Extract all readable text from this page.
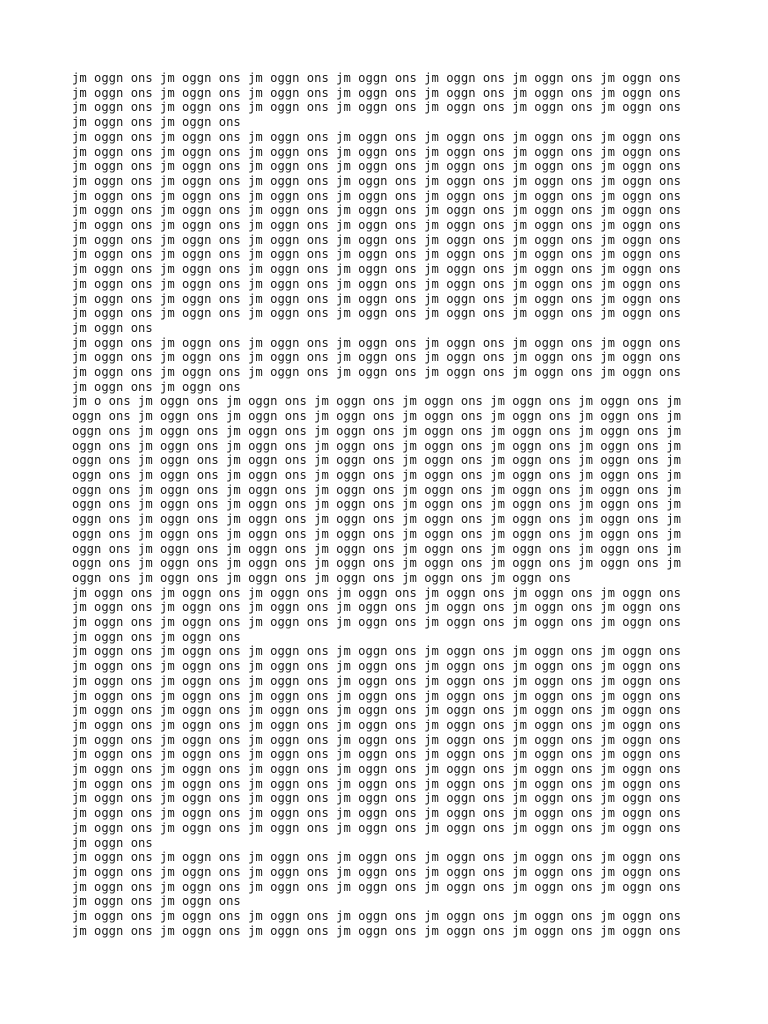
jm oggn ons jm oggn ons jm oggn ons jm oggn ons jm oggn ons jm oggn ons jm oggn ons
jm oggn ons jm oggn ons jm oggn ons jm oggn ons jm oggn ons jm oggn ons jm oggn ons
jm oggn ons jm oggn ons jm oggn ons jm oggn ons jm oggn ons jm oggn ons jm oggn ons
jm oggn ons jm oggn ons
jm oggn ons jm oggn ons jm oggn ons jm oggn ons jm oggn ons jm oggn ons jm oggn ons
jm oggn ons jm oggn ons jm oggn ons jm oggn ons jm oggn ons jm oggn ons jm oggn ons
jm oggn ons jm oggn ons jm oggn ons jm oggn ons jm oggn ons jm oggn ons jm oggn ons
jm oggn ons jm oggn ons jm oggn ons jm oggn ons jm oggn ons jm oggn ons jm oggn ons
jm oggn ons jm oggn ons jm oggn ons jm oggn ons jm oggn ons jm oggn ons jm oggn ons
jm oggn ons jm oggn ons jm oggn ons jm oggn ons jm oggn ons jm oggn ons jm oggn ons
jm oggn ons jm oggn ons jm oggn ons jm oggn ons jm oggn ons jm oggn ons jm oggn ons
jm oggn ons jm oggn ons jm oggn ons jm oggn ons jm oggn ons jm oggn ons jm oggn ons
jm oggn ons jm oggn ons jm oggn ons jm oggn ons jm oggn ons jm oggn ons jm oggn ons
jm oggn ons jm oggn ons jm oggn ons jm oggn ons jm oggn ons jm oggn ons jm oggn ons
jm oggn ons jm oggn ons jm oggn ons jm oggn ons jm oggn ons jm oggn ons jm oggn ons
jm oggn ons jm oggn ons jm oggn ons jm oggn ons jm oggn ons jm oggn ons jm oggn ons
jm oggn ons jm oggn ons jm oggn ons jm oggn ons jm oggn ons jm oggn ons jm oggn ons
jm oggn ons
jm oggn ons jm oggn ons jm oggn ons jm oggn ons jm oggn ons jm oggn ons jm oggn ons
jm oggn ons jm oggn ons jm oggn ons jm oggn ons jm oggn ons jm oggn ons jm oggn ons
jm oggn ons jm oggn ons jm oggn ons jm oggn ons jm oggn ons jm oggn ons jm oggn ons
jm oggn ons jm oggn ons
jm o ons jm oggn ons jm oggn ons jm oggn ons jm oggn ons jm oggn ons jm oggn ons jm
oggn ons jm oggn ons jm oggn ons jm oggn ons jm oggn ons jm oggn ons jm oggn ons jm
oggn ons jm oggn ons jm oggn ons jm oggn ons jm oggn ons jm oggn ons jm oggn ons jm
oggn ons jm oggn ons jm oggn ons jm oggn ons jm oggn ons jm oggn ons jm oggn ons jm
oggn ons jm oggn ons jm oggn ons jm oggn ons jm oggn ons jm oggn ons jm oggn ons jm
oggn ons jm oggn ons jm oggn ons jm oggn ons jm oggn ons jm oggn ons jm oggn ons jm
oggn ons jm oggn ons jm oggn ons jm oggn ons jm oggn ons jm oggn ons jm oggn ons jm
oggn ons jm oggn ons jm oggn ons jm oggn ons jm oggn ons jm oggn ons jm oggn ons jm
oggn ons jm oggn ons jm oggn ons jm oggn ons jm oggn ons jm oggn ons jm oggn ons jm
oggn ons jm oggn ons jm oggn ons jm oggn ons jm oggn ons jm oggn ons jm oggn ons jm
oggn ons jm oggn ons jm oggn ons jm oggn ons jm oggn ons jm oggn ons jm oggn ons jm
oggn ons jm oggn ons jm oggn ons jm oggn ons jm oggn ons jm oggn ons jm oggn ons jm
oggn ons jm oggn ons jm oggn ons jm oggn ons jm oggn ons jm oggn ons
jm oggn ons jm oggn ons jm oggn ons jm oggn ons jm oggn ons jm oggn ons jm oggn ons
jm oggn ons jm oggn ons jm oggn ons jm oggn ons jm oggn ons jm oggn ons jm oggn ons
jm oggn ons jm oggn ons jm oggn ons jm oggn ons jm oggn ons jm oggn ons jm oggn ons
jm oggn ons jm oggn ons
jm oggn ons jm oggn ons jm oggn ons jm oggn ons jm oggn ons jm oggn ons jm oggn ons
jm oggn ons jm oggn ons jm oggn ons jm oggn ons jm oggn ons jm oggn ons jm oggn ons
jm oggn ons jm oggn ons jm oggn ons jm oggn ons jm oggn ons jm oggn ons jm oggn ons
jm oggn ons jm oggn ons jm oggn ons jm oggn ons jm oggn ons jm oggn ons jm oggn ons
jm oggn ons jm oggn ons jm oggn ons jm oggn ons jm oggn ons jm oggn ons jm oggn ons
jm oggn ons jm oggn ons jm oggn ons jm oggn ons jm oggn ons jm oggn ons jm oggn ons
jm oggn ons jm oggn ons jm oggn ons jm oggn ons jm oggn ons jm oggn ons jm oggn ons
jm oggn ons jm oggn ons jm oggn ons jm oggn ons jm oggn ons jm oggn ons jm oggn ons
jm oggn ons jm oggn ons jm oggn ons jm oggn ons jm oggn ons jm oggn ons jm oggn ons
jm oggn ons jm oggn ons jm oggn ons jm oggn ons jm oggn ons jm oggn ons jm oggn ons
jm oggn ons jm oggn ons jm oggn ons jm oggn ons jm oggn ons jm oggn ons jm oggn ons
jm oggn ons jm oggn ons jm oggn ons jm oggn ons jm oggn ons jm oggn ons jm oggn ons
jm oggn ons jm oggn ons jm oggn ons jm oggn ons jm oggn ons jm oggn ons jm oggn ons
jm oggn ons
jm oggn ons jm oggn ons jm oggn ons jm oggn ons jm oggn ons jm oggn ons jm oggn ons
jm oggn ons jm oggn ons jm oggn ons jm oggn ons jm oggn ons jm oggn ons jm oggn ons
jm oggn ons jm oggn ons jm oggn ons jm oggn ons jm oggn ons jm oggn ons jm oggn ons
jm oggn ons jm oggn ons
jm oggn ons jm oggn ons jm oggn ons jm oggn ons jm oggn ons jm oggn ons jm oggn ons
jm oggn ons jm oggn ons jm oggn ons jm oggn ons jm oggn ons jm oggn ons jm oggn ons
